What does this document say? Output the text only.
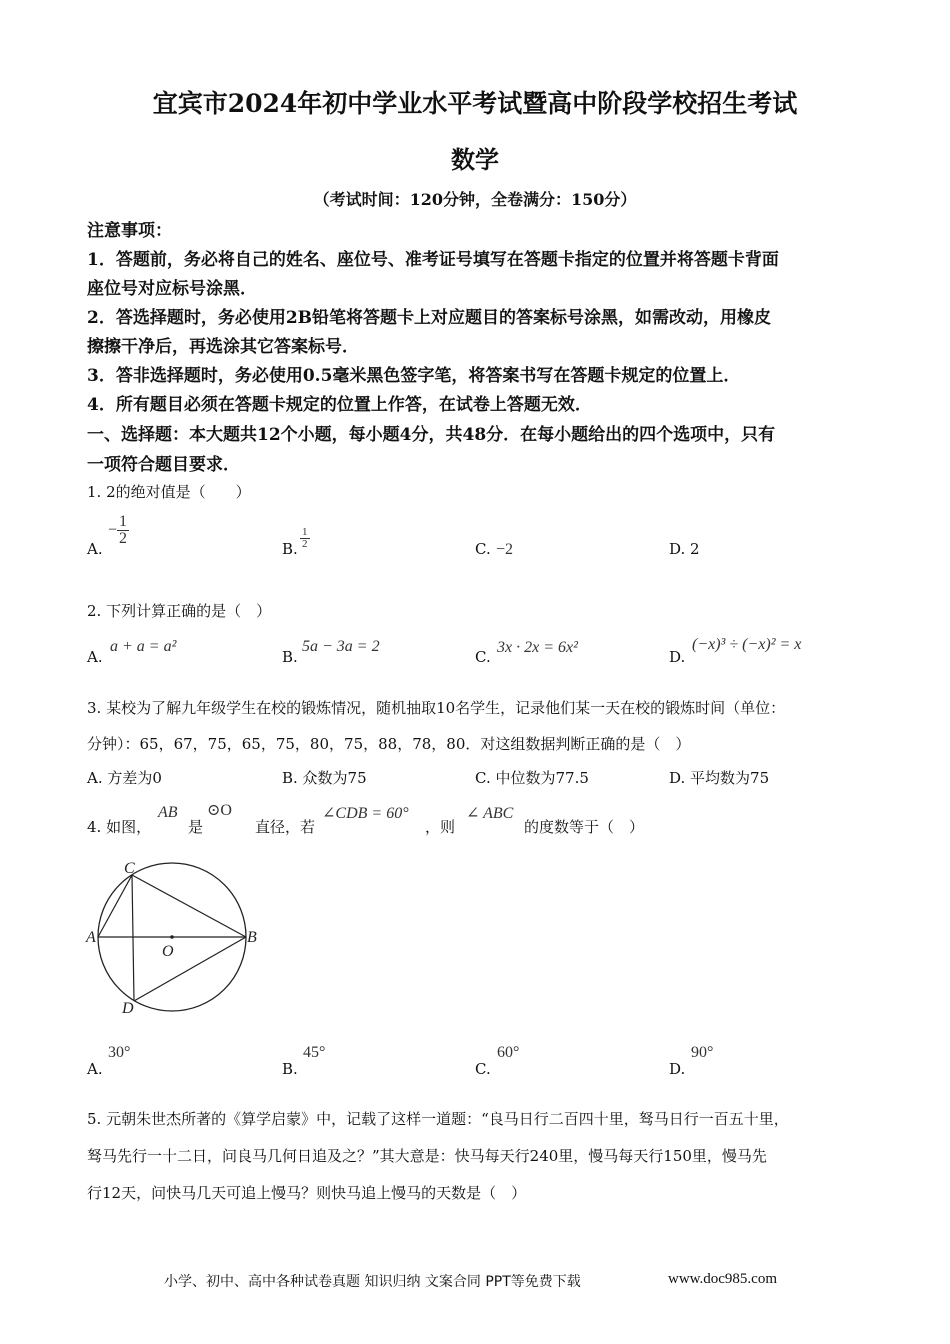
宜宾市2024年初中学业水平考试暨高中阶段学校招生考试
数学
（考试时间：120分钟，全卷满分：150分）
注意事项：
1．答题前，务必将自己的姓名、座位号、准考证号填写在答题卡指定的位置并将答题卡背面
座位号对应标号涂黑．
2．答选择题时，务必使用2B铅笔将答题卡上对应题目的答案标号涂黑，如需改动，用橡皮
擦擦干净后，再选涂其它答案标号．
3．答非选择题时，务必使用0.5毫米黑色签字笔，将答案书写在答题卡规定的位置上．
4．所有题目必须在答题卡规定的位置上作答，在试卷上答题无效．
一、选择题：本大题共12个小题，每小题4分，共48分．在每小题给出的四个选项中，只有
一项符合题目要求．
1. 2的绝对值是（　　）
A.
− $\frac{1}{2}$
B. $\frac{1}{2}$	C. −2	D. 2
2. 下列计算正确的是（　）
A.
a + a = a²
B.
5a − 3a = 2
C.
3x · 2x = 6x²
D.
(−x)³ ÷ (−x)² = x
3. 某校为了解九年级学生在校的锻炼情况，随机抽取10名学生，记录他们某一天在校的锻炼时间（单位：
分钟）：65，67，75，65，75，80，75，88，78，80．对这组数据判断正确的是（　）
A. 方差为0	B. 众数为75	C. 中位数为77.5	D. 平均数为75
4. 如图，
AB
是
⊙O
直径，若
∠CDB = 60°
，则
∠ ABC
的度数等于（　）
C
A	B
O
D
A.
30°
B.
45°
C.
60°
D.
90°
5. 元朝朱世杰所著的《算学启蒙》中，记载了这样一道题：“良马日行二百四十里，驽马日行一百五十里，
驽马先行一十二日，问良马几何日追及之？”其大意是：快马每天行240里，慢马每天行150里，慢马先
行12天，问快马几天可追上慢马？则快马追上慢马的天数是（　）
小学、初中、高中各种试卷真题 知识归纳 文案合同 PPT等免费下载	www.doc985.com
